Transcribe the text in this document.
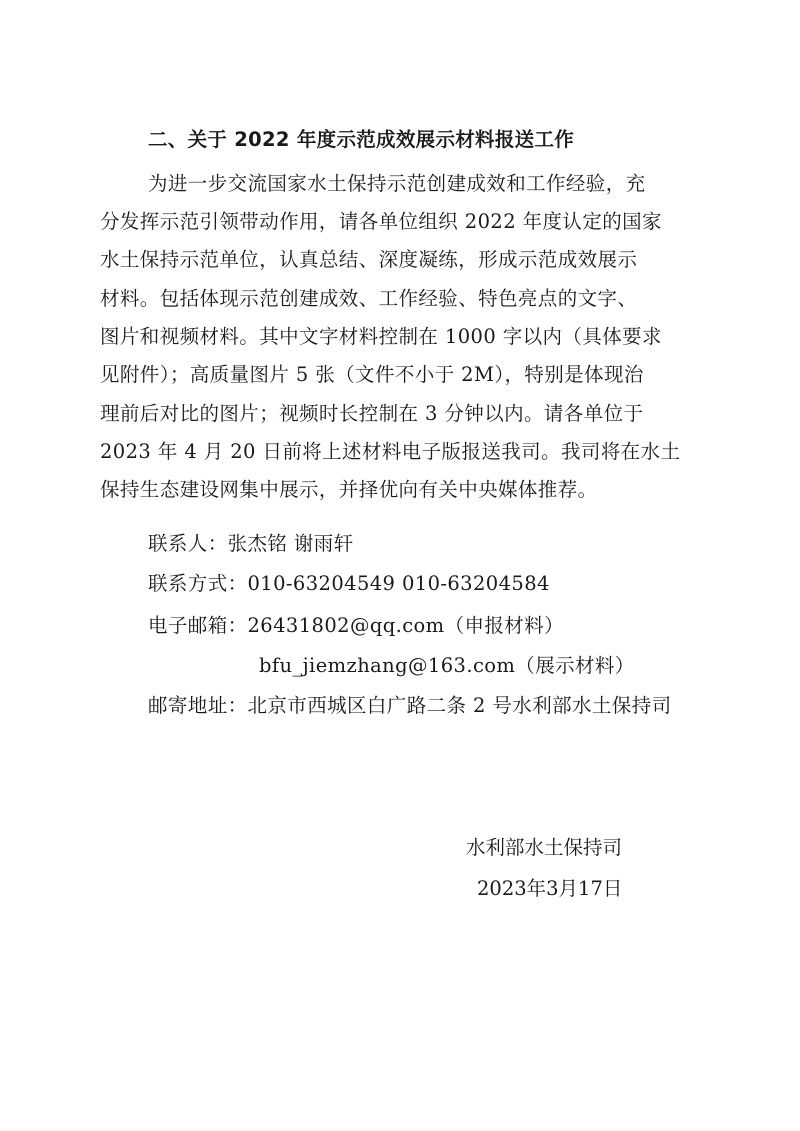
二、关于 2022 年度示范成效展示材料报送工作
为进一步交流国家水土保持示范创建成效和工作经验，充
分发挥示范引领带动作用，请各单位组织 2022 年度认定的国家
水土保持示范单位，认真总结、深度凝练，形成示范成效展示
材料。包括体现示范创建成效、工作经验、特色亮点的文字、
图片和视频材料。其中文字材料控制在 1000 字以内（具体要求
见附件）；高质量图片 5 张（文件不小于 2M），特别是体现治
理前后对比的图片；视频时长控制在 3 分钟以内。请各单位于
2023 年 4 月 20 日前将上述材料电子版报送我司。我司将在水土
保持生态建设网集中展示，并择优向有关中央媒体推荐。
联系人：张杰铭 谢雨轩
联系方式：010-63204549 010-63204584
电子邮箱：26431802@qq.com（申报材料）
bfu_jiemzhang@163.com（展示材料）
邮寄地址：北京市西城区白广路二条 2 号水利部水土保持司
水利部水土保持司
2023年3月17日
